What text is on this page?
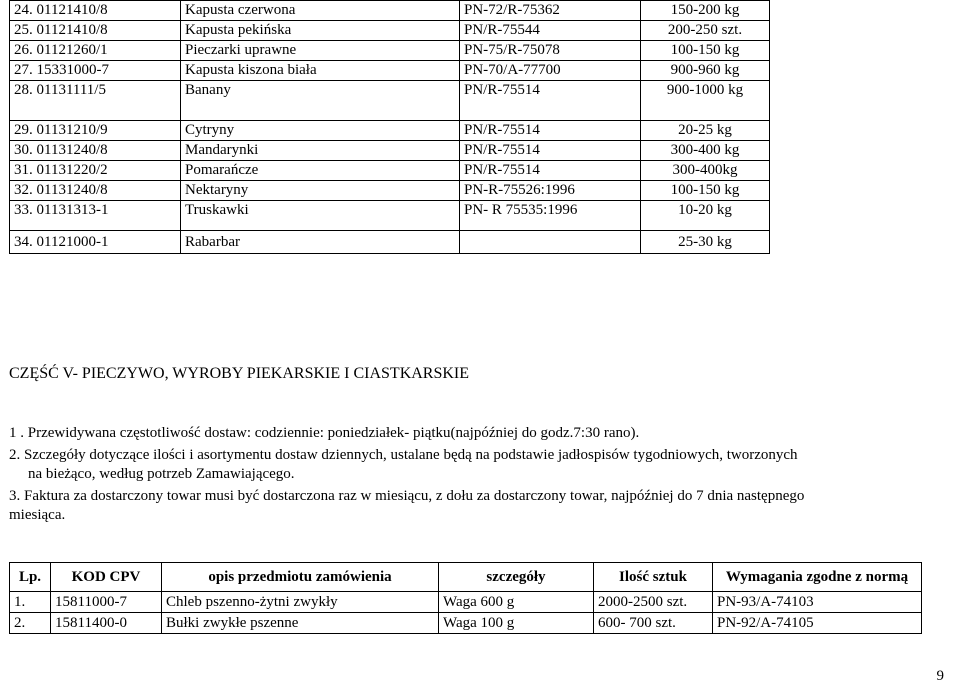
24. 01121410/8	Kapusta czerwona	PN-72/R-75362	150-200 kg
25. 01121410/8	Kapusta pekińska	PN/R-75544	200-250 szt.
26. 01121260/1	Pieczarki uprawne	PN-75/R-75078	100-150 kg
27. 15331000-7	Kapusta kiszona biała	PN-70/A-77700	900-960 kg
28. 01131111/5	Banany	PN/R-75514	900-1000 kg
29. 01131210/9	Cytryny	PN/R-75514	20-25 kg
30. 01131240/8	Mandarynki	PN/R-75514	300-400 kg
31. 01131220/2	Pomarańcze	PN/R-75514	300-400kg
32. 01131240/8	Nektaryny	PN-R-75526:1996	100-150 kg
33. 01131313-1	Truskawki	PN- R 75535:1996	10-20 kg
34. 01121000-1	Rabarbar		25-30 kg
CZĘŚĆ V- PIECZYWO, WYROBY PIEKARSKIE I CIASTKARSKIE
1 . Przewidywana częstotliwość dostaw: codziennie: poniedziałek- piątku(najpóźniej do godz.7:30 rano).
2. Szczegóły dotyczące ilości i asortymentu dostaw dziennych, ustalane będą na podstawie jadłospisów tygodniowych, tworzonych
na bieżąco, według potrzeb Zamawiającego.
3. Faktura za dostarczony towar musi być dostarczona raz w miesiącu, z dołu za dostarczony towar, najpóźniej do 7 dnia następnego
miesiąca.
Lp.	KOD CPV	opis przedmiotu zamówienia	szczegóły	Ilość sztuk	Wymagania zgodne z normą
1.	15811000-7	Chleb pszenno-żytni zwykły	Waga 600 g	2000-2500 szt.	PN-93/A-74103
2.	15811400-0	Bułki zwykłe pszenne	Waga 100 g	600- 700 szt.	PN-92/A-74105
9
